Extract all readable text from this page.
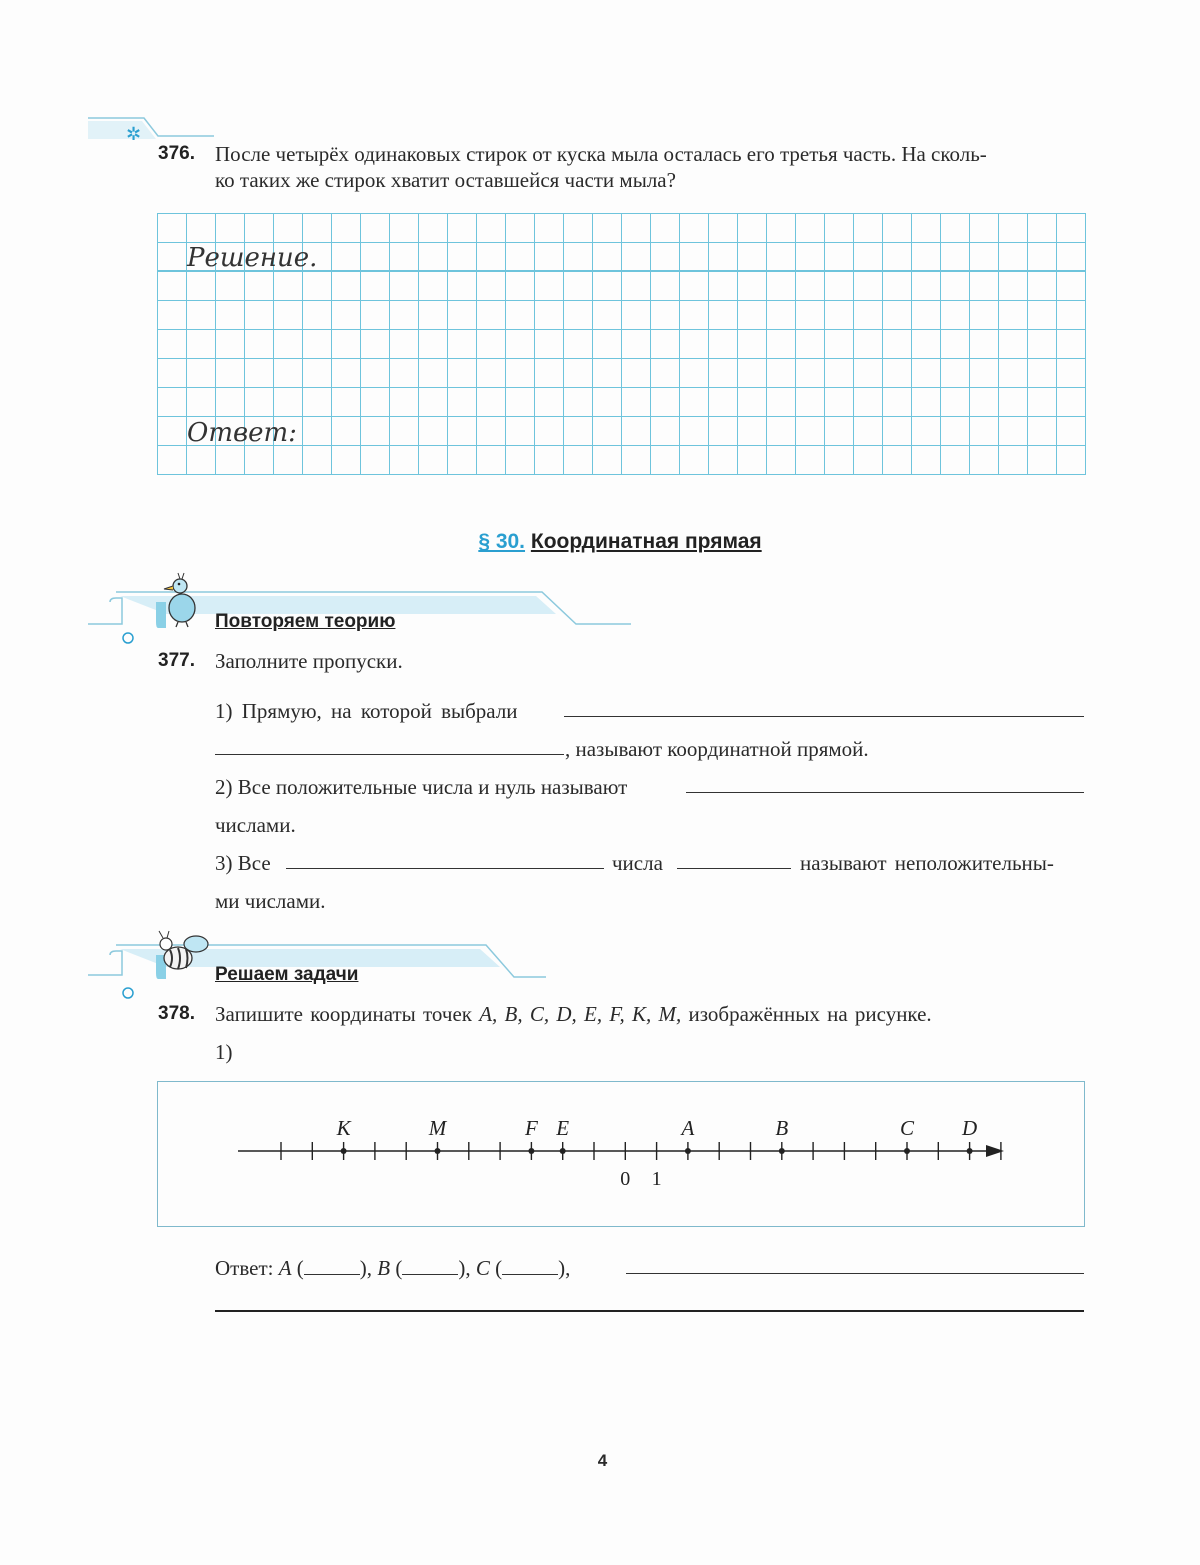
✲
376. После четырёх одинаковых стирок от куска мыла осталась его третья часть. На сколь-
ко таких же стирок хватит оставшейся части мыла?
Решение.
Ответ:
§ 30. Координатная прямая
Повторяем теорию
377. Заполните пропуски.
1) Прямую, на которой выбрали
, называют координатной прямой.
2) Все положительные числа и нуль называют
числами.
3) Все	числа	называют неположительны-
ми числами.
Решаем задачи
378. Запишите координаты точек A, B, C, D, E, F, K, M, изображённых на рисунке.
1)
0 1
K	M	F E	A	B	C D
Ответ: A (	), B (	), C (	),
4
